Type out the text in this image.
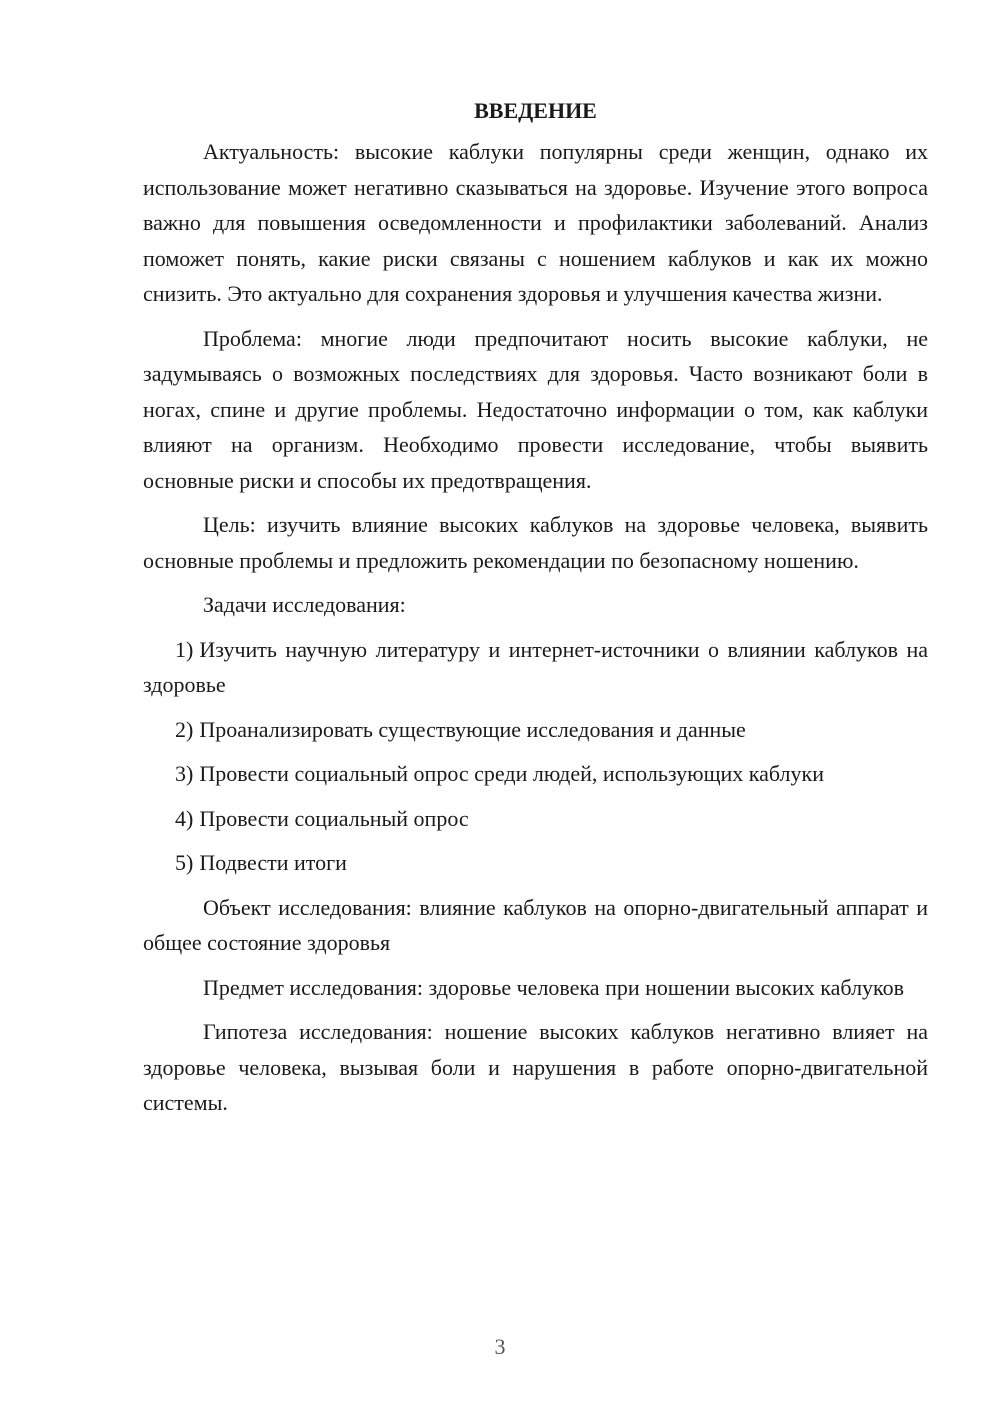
ВВЕДЕНИЕ

Актуальность: высокие каблуки популярны среди женщин, однако их использование может негативно сказываться на здоровье. Изучение этого вопроса важно для повышения осведомленности и профилактики заболеваний. Анализ поможет понять, какие риски связаны с ношением каблуков и как их можно снизить. Это актуально для сохранения здоровья и улучшения качества жизни.

Проблема: многие люди предпочитают носить высокие каблуки, не задумываясь о возможных последствиях для здоровья. Часто возникают боли в ногах, спине и другие проблемы. Недостаточно информации о том, как каблуки влияют на организм. Необходимо провести исследование, чтобы выявить основные риски и способы их предотвращения.

Цель: изучить влияние высоких каблуков на здоровье человека, выявить основные проблемы и предложить рекомендации по безопасному ношению.

Задачи исследования:

1) Изучить научную литературу и интернет-источники о влиянии каблуков на здоровье

2) Проанализировать существующие исследования и данные

3) Провести социальный опрос среди людей, использующих каблуки

4) Провести социальный опрос

5) Подвести итоги

Объект исследования: влияние каблуков на опорно-двигательный аппарат и общее состояние здоровья

Предмет исследования: здоровье человека при ношении высоких каблуков

Гипотеза исследования: ношение высоких каблуков негативно влияет на здоровье человека, вызывая боли и нарушения в работе опорно-двигательной системы.

3
